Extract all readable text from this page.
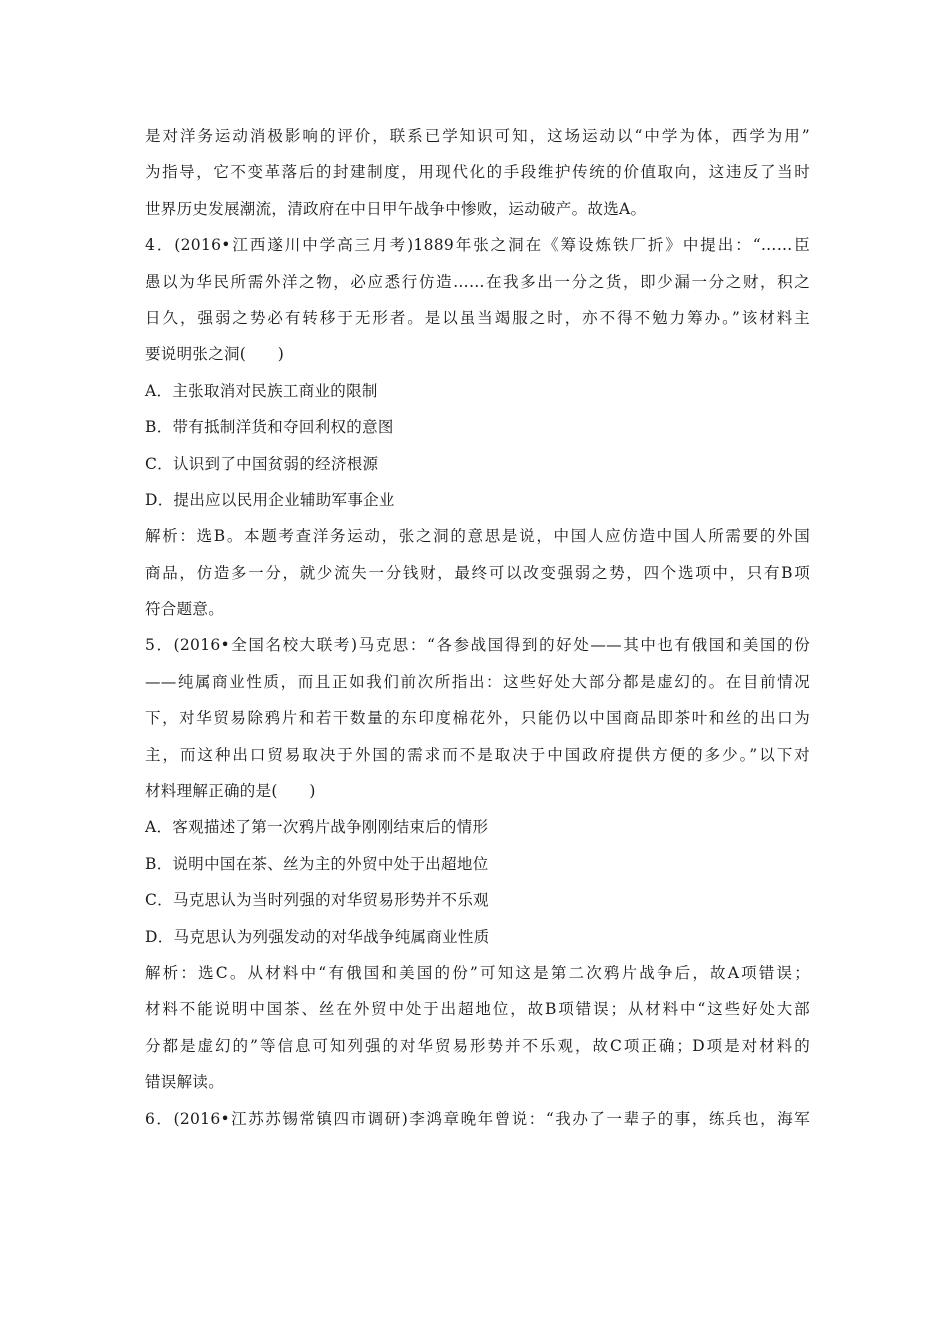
是对洋务运动消极影响的评价，联系已学知识可知，这场运动以“中学为体，西学为用”
为指导，它不变革落后的封建制度，用现代化的手段维护传统的价值取向，这违反了当时
世界历史发展潮流，清政府在中日甲午战争中惨败，运动破产。故选A。
4．(2016•江西遂川中学高三月考)1889年张之洞在《筹设炼铁厂折》中提出：“……臣
愚以为华民所需外洋之物，必应悉行仿造……在我多出一分之货，即少漏一分之财，积之
日久，强弱之势必有转移于无形者。是以虽当竭服之时，亦不得不勉力筹办。”该材料主
要说明张之洞(　　)
A．主张取消对民族工商业的限制
B．带有抵制洋货和夺回利权的意图
C．认识到了中国贫弱的经济根源
D．提出应以民用企业辅助军事企业
解析：选B。本题考查洋务运动，张之洞的意思是说，中国人应仿造中国人所需要的外国
商品，仿造多一分，就少流失一分钱财，最终可以改变强弱之势，四个选项中，只有B项
符合题意。
5．(2016•全国名校大联考)马克思：“各参战国得到的好处——其中也有俄国和美国的份
——纯属商业性质，而且正如我们前次所指出：这些好处大部分都是虚幻的。在目前情况
下，对华贸易除鸦片和若干数量的东印度棉花外，只能仍以中国商品即茶叶和丝的出口为
主，而这种出口贸易取决于外国的需求而不是取决于中国政府提供方便的多少。”以下对
材料理解正确的是(　　)
A．客观描述了第一次鸦片战争刚刚结束后的情形
B．说明中国在茶、丝为主的外贸中处于出超地位
C．马克思认为当时列强的对华贸易形势并不乐观
D．马克思认为列强发动的对华战争纯属商业性质
解析：选C。从材料中“有俄国和美国的份”可知这是第二次鸦片战争后，故A项错误；
材料不能说明中国茶、丝在外贸中处于出超地位，故B项错误；从材料中“这些好处大部
分都是虚幻的”等信息可知列强的对华贸易形势并不乐观，故C项正确；D项是对材料的
错误解读。
6．(2016•江苏苏锡常镇四市调研)李鸿章晚年曾说：“我办了一辈子的事，练兵也，海军
